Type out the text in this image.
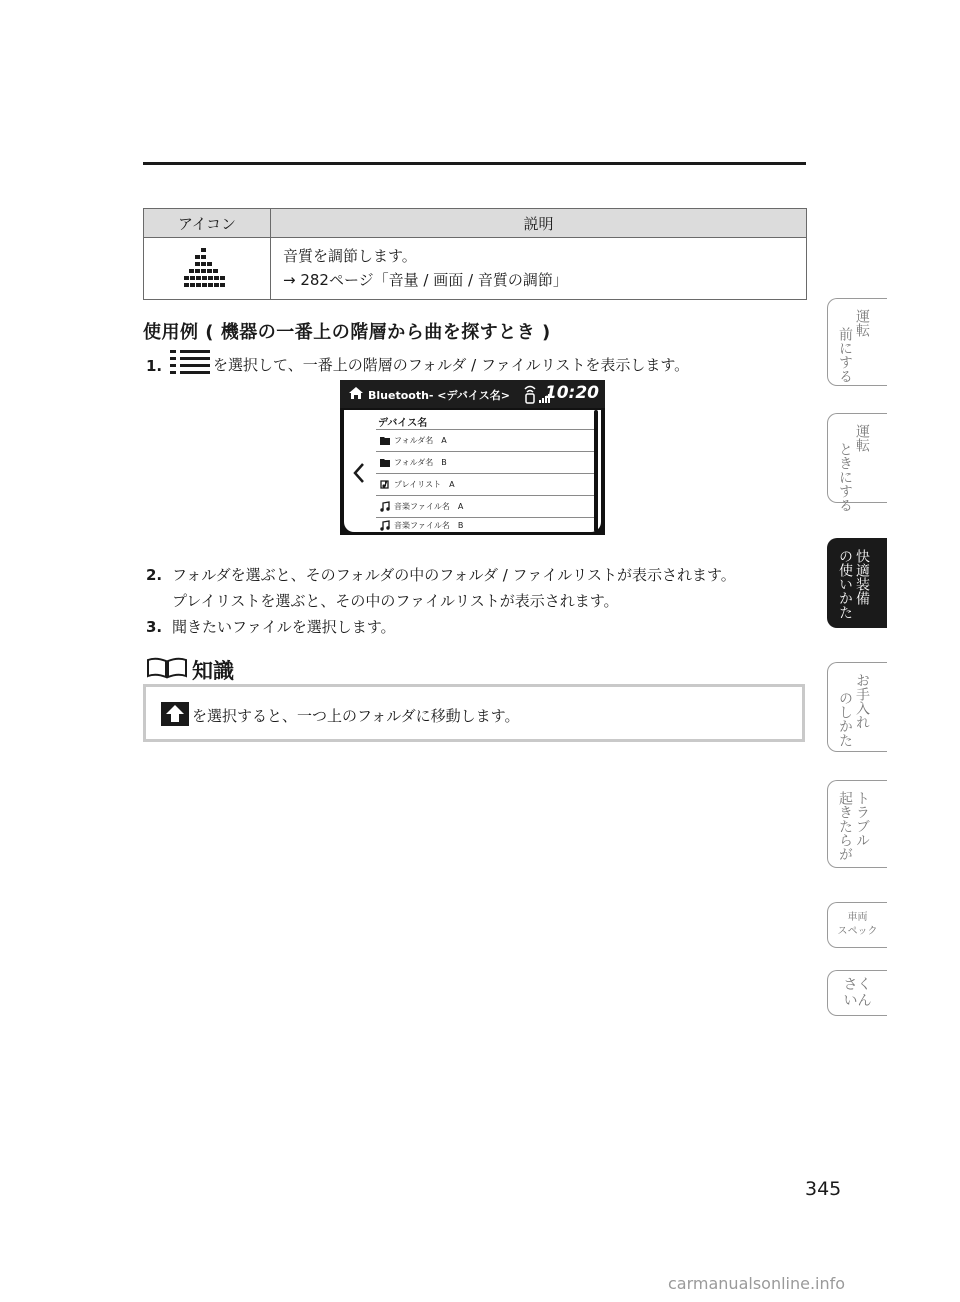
アイコン	説明
音質を調節します。
→ 282ページ「音量 / 画面 / 音質の調節」
使用例 ( 機器の一番上の階層から曲を探すとき )
1.	を選択して、一番上の階層のフォルダ / ファイルリストを表示します。
Bluetooth- <デバイス名> 10:20
デバイス名
フォルダ名　A
フォルダ名　B
プレイリスト　A
音楽ファイル名　A
音楽ファイル名　B
2. フォルダを選ぶと、そのフォルダの中のフォルダ / ファイルリストが表示されます。
プレイリストを選ぶと、その中のファイルリストが表示されます。
3. 聞きたいファイルを選択します。
知識
を選択すると、一つ上のフォルダに移動します。
運転
前にする
運転
ときにする
快適装備
の使いかた
お手入れ
のしかた
トラブル
起きたらが
車両
スペック
さく
いん
345
carmanualsonline.info
